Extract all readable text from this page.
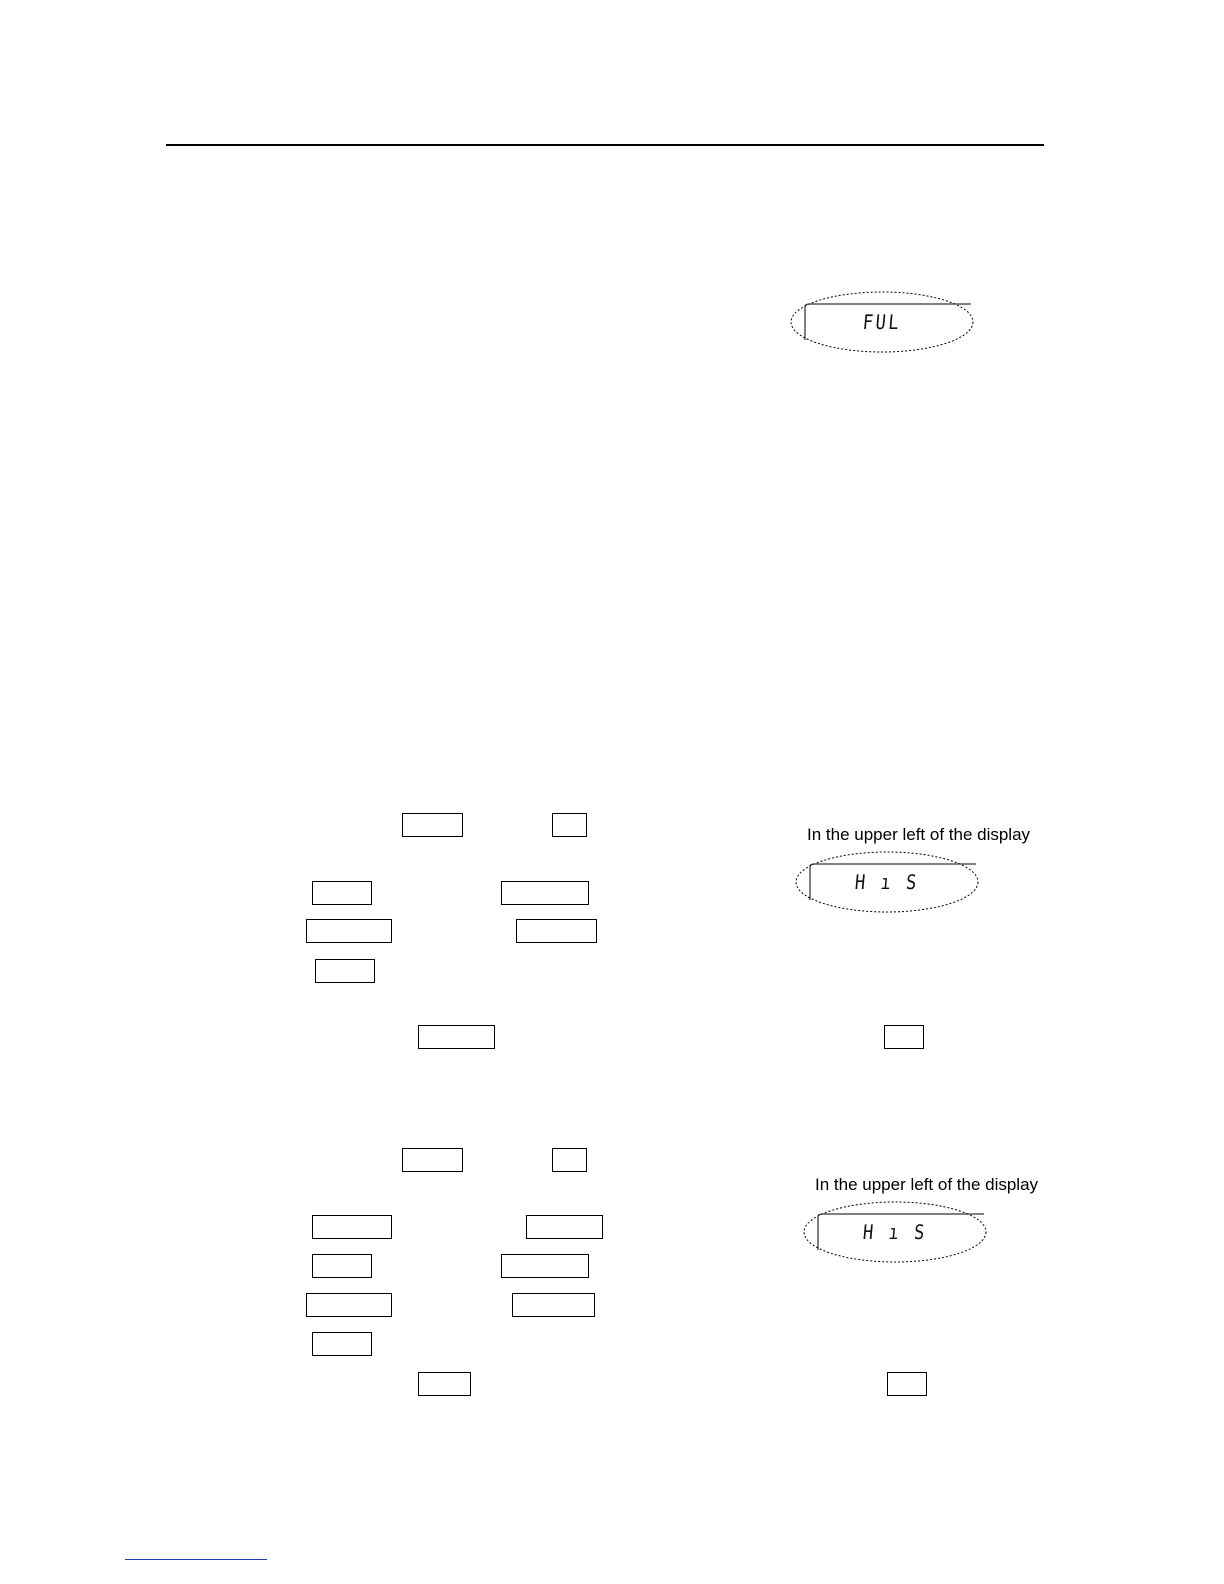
FUL
In the upper left of the display
H ı S
In the upper left of the display
H ı S
